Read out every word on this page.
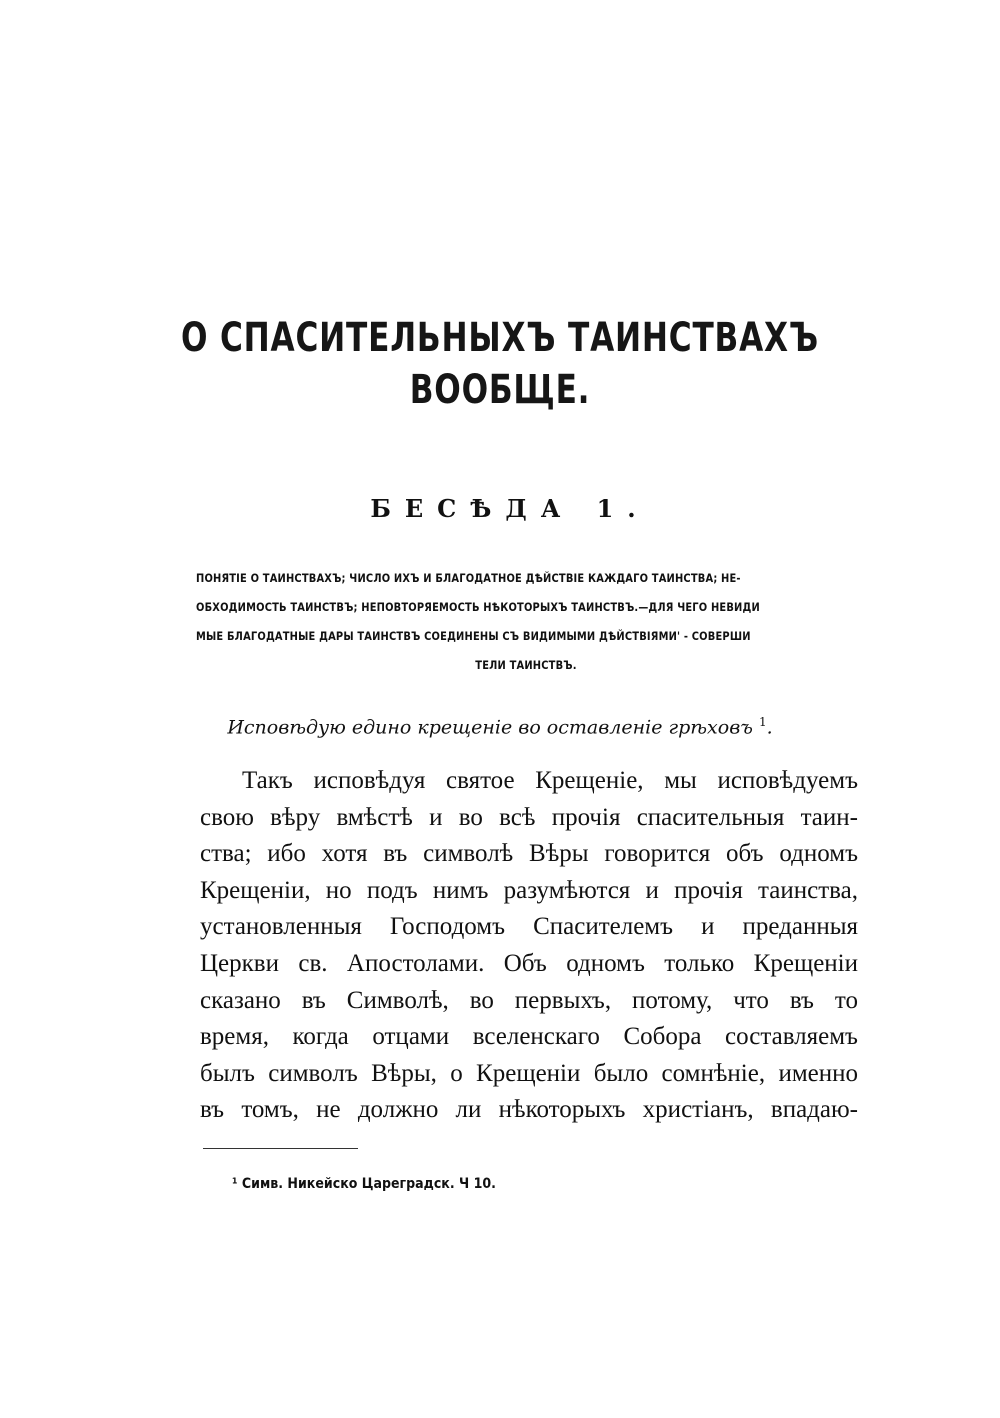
О СПАСИТЕЛЬНЫХЪ ТАИНСТВАХЪ
ВООБЩЕ.
БЕСѢДА 1.
ПОНЯТIЕ О ТАИНСТВАХЪ; ЧИСЛО ИХЪ И БЛАГОДАТНОЕ ДѢЙСТВIЕ КАЖДАГО ТАИНСТВА; НЕ-
ОБХОДИМОСТЬ ТАИНСТВЪ; НЕПОВТОРЯЕМОСТЬ НѢКОТОРЫХЪ ТАИНСТВЪ.—ДЛЯ ЧЕГО НЕВИДИ
МЫЕ БЛАГОДАТНЫЕ ДАРЫ ТАИНСТВЪ СОЕДИНЕНЫ СЪ ВИДИМЫМИ ДѢЙСТВIЯМИ' - СОВЕРШИ
ТЕЛИ ТАИНСТВЪ.
Исповѣдую едино крещенiе во оставленiе грѣховъ $^1$.
Такъ исповѣдуя святое Крещенiе, мы исповѣдуемъ
свою вѣру вмѣстѣ и во всѣ прочiя спасительныя таин-
ства; ибо хотя въ символѣ Вѣры говорится объ одномъ
Крещенiи, но подъ нимъ разумѣются и прочiя таинства,
установленныя Господомъ Спасителемъ и преданныя
Церкви св. Апостолами. Объ одномъ только Крещенiи
сказано въ Символѣ, во первыхъ, потому, что въ то
время, когда отцами вселенскаго Собора составляемъ
былъ символъ Вѣры, о Крещенiи было сомнѣнiе, именно
въ томъ, не должно ли нѣкоторыхъ христiанъ, впадаю-
¹ Симв. Никейско Цареградск. Ч 10.
